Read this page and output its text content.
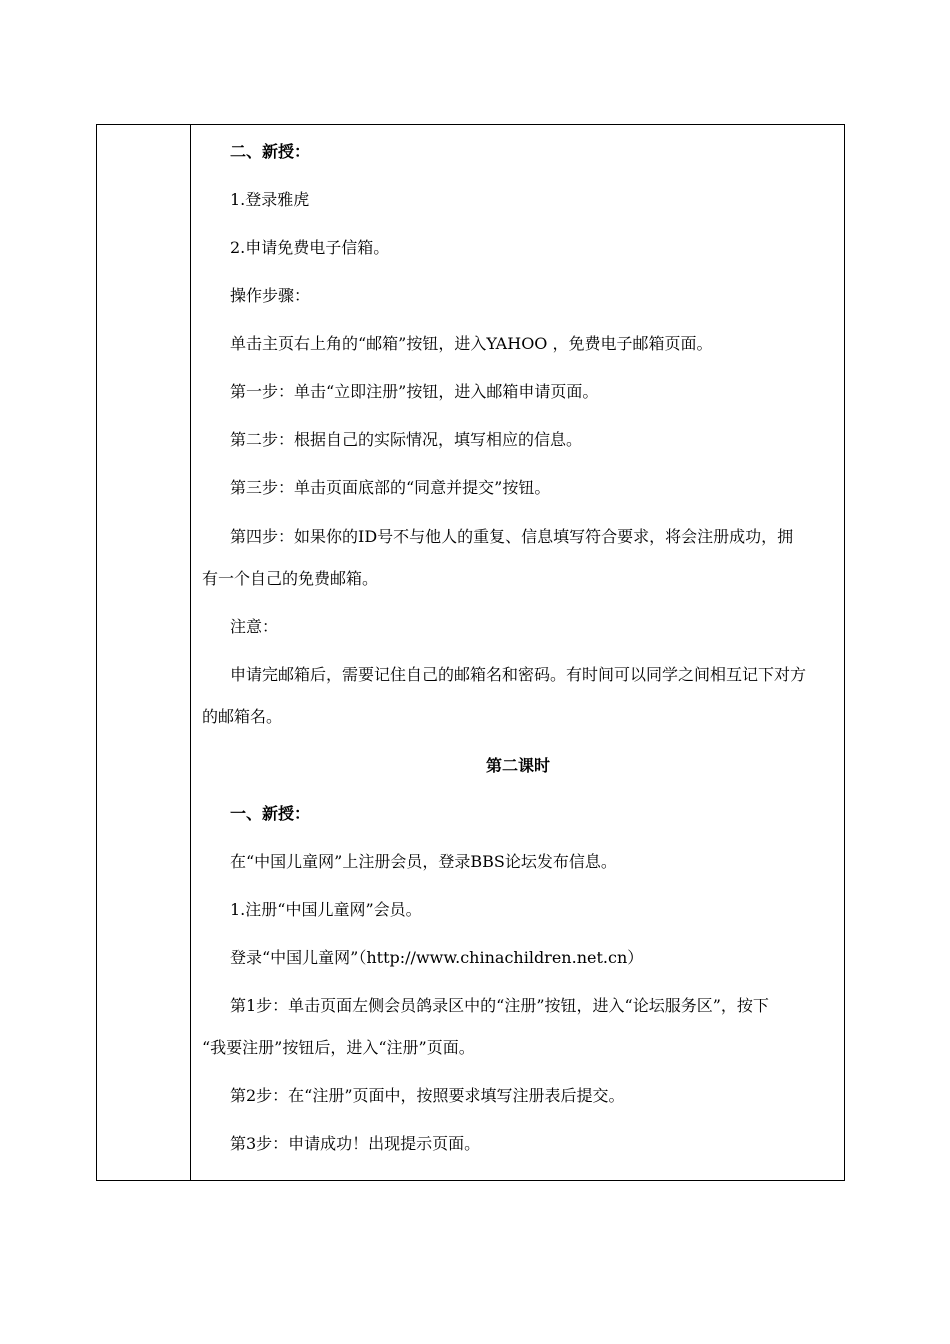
二、新授：
1.登录雅虎
2.申请免费电子信箱。
操作步骤：
单击主页右上角的“邮箱”按钮，进入YAHOO ，免费电子邮箱页面。
第一步：单击“立即注册”按钮，进入邮箱申请页面。
第二步：根据自己的实际情况，填写相应的信息。
第三步：单击页面底部的“同意并提交”按钮。
第四步：如果你的ID号不与他人的重复、信息填写符合要求，将会注册成功，拥
有一个自己的免费邮箱。
注意：
申请完邮箱后，需要记住自己的邮箱名和密码。有时间可以同学之间相互记下对方
的邮箱名。
第二课时
一、新授：
在“中国儿童网”上注册会员，登录BBS论坛发布信息。
1.注册“中国儿童网”会员。
登录“中国儿童网”（http://www.chinachildren.net.cn）
第1步：单击页面左侧会员鸽录区中的“注册”按钮，进入“论坛服务区”，按下
“我要注册”按钮后，进入“注册”页面。
第2步：在“注册”页面中，按照要求填写注册表后提交。
第3步：申请成功！出现提示页面。
